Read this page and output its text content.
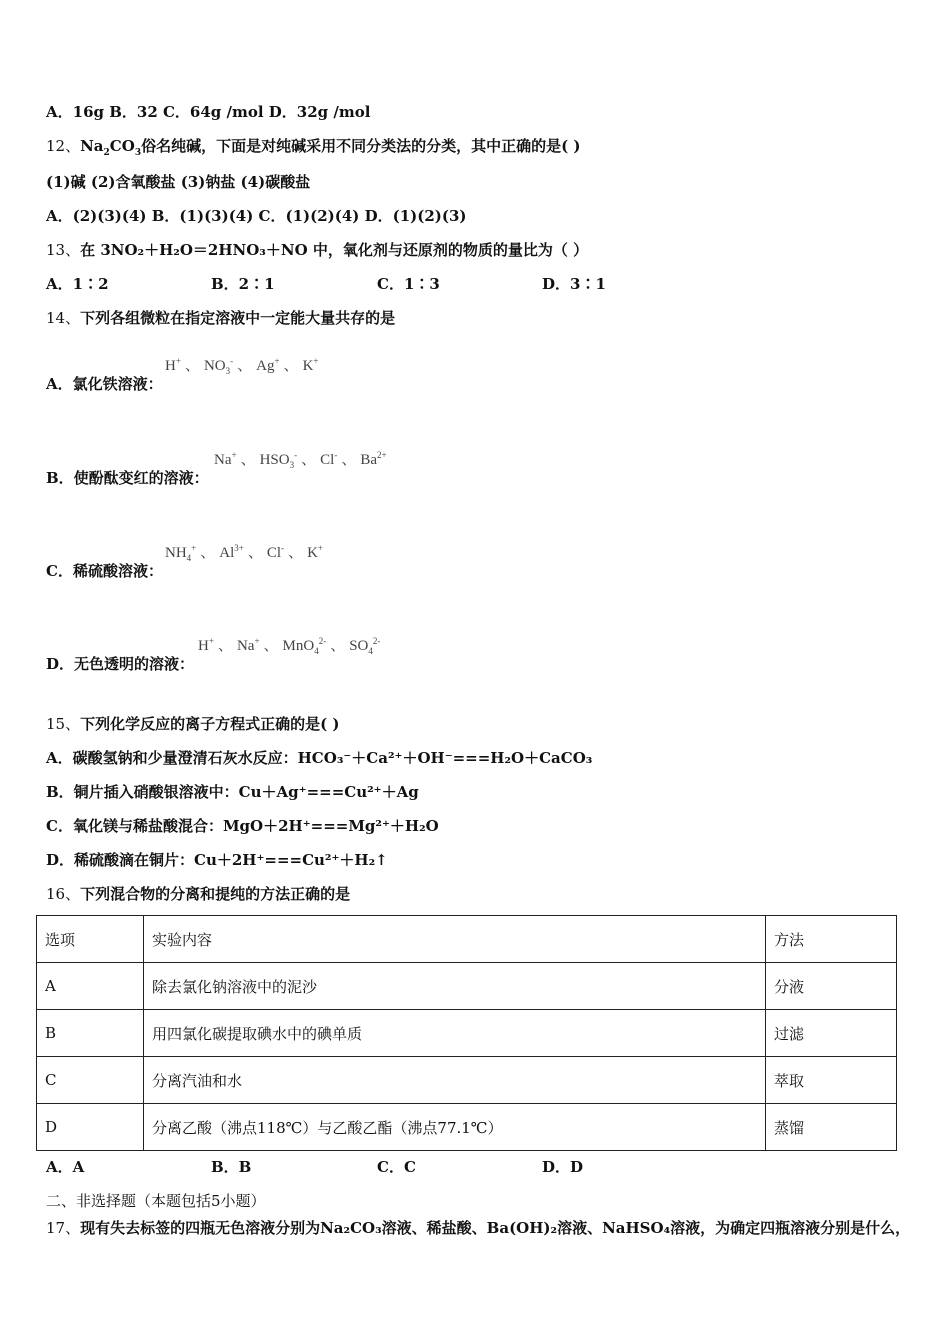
A．16g B．32 C．64g /mol D．32g /mol
12、$Na_2CO_3$俗名纯碱，下面是对纯碱采用不同分类法的分类，其中正确的是( )
(1)碱 (2)含氧酸盐 (3)钠盐 (4)碳酸盐
A．(2)(3)(4) B．(1)(3)(4) C．(1)(2)(4) D．(1)(2)(3)
13、在 3NO₂＋H₂O＝2HNO₃＋NO 中，氧化剂与还原剂的物质的量比为（ ）
A．1∶2	B．2∶1	C．1∶3	D．3∶1
14、下列各组微粒在指定溶液中一定能大量共存的是
A．氯化铁溶液：
H+ 、 $NO_3^-$ 、 Ag+ 、 K+
B．使酚酞变红的溶液：
Na+ 、 $HSO_3^-$ 、 Cl- 、 $Ba^{2+}$
C．稀硫酸溶液：
$NH_4^+$ 、 $Al^{3+}$ 、 Cl- 、 K+
D．无色透明的溶液：
H+ 、 Na+ 、 MnO$_4^{2-}$ 、 $SO_4^{2-}$
15、下列化学反应的离子方程式正确的是( )
A．碳酸氢钠和少量澄清石灰水反应：HCO₃⁻＋Ca²⁺＋OH⁻===H₂O＋CaCO₃
B．铜片插入硝酸银溶液中：Cu＋Ag⁺===Cu²⁺＋Ag
C．氧化镁与稀盐酸混合：MgO＋2H⁺===Mg²⁺＋H₂O
D．稀硫酸滴在铜片：Cu＋2H⁺===Cu²⁺＋H₂↑
16、下列混合物的分离和提纯的方法正确的是
选项	实验内容	方法
A	除去氯化钠溶液中的泥沙	分液
B	用四氯化碳提取碘水中的碘单质	过滤
C	分离汽油和水	萃取
D	分离乙酸（沸点118℃）与乙酸乙酯（沸点77.1℃）	蒸馏
A．A	B．B	C．C	D．D
二、非选择题（本题包括5小题）
17、现有失去标签的四瓶无色溶液分别为Na₂CO₃溶液、稀盐酸、Ba(OH)₂溶液、NaHSO₄溶液，为确定四瓶溶液分别是什么，
